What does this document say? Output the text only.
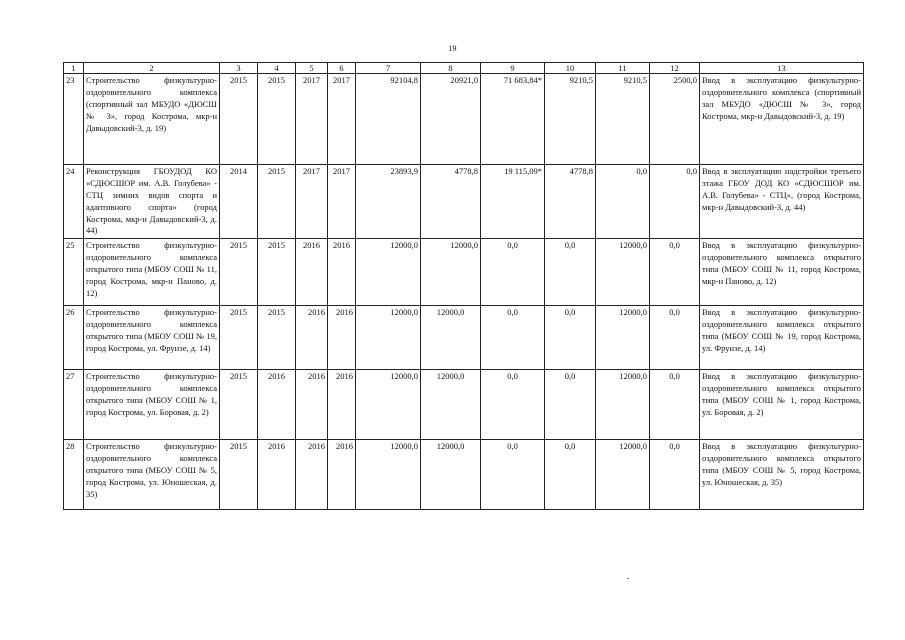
19
1	2	3	4	5	6	7	8	9	10	11	12	13
23	Строительство физкультурно-оздоровительного комплекса (спортивный зал МБУДО «ДЮСШ № 3», город Кострома, мкр-н Давыдовский-3, д. 19)	2015	2015	2017	2017	92104,8	20921,0	71 683,84*	9210,5	9210,5	2500,0	Ввод в эксплуатацию физкультурно-оздоровительного комплекса (спортивный зал МБУДО «ДЮСШ № 3», город Кострома, мкр-н Давыдовский-3, д. 19)
24	Реконструкция ГБОУДОД КО «СДЮСШОР им. А.В. Голубева» - СТЦ зимних видов спорта и адаптивного спорта» (город Кострома, мкр-н Давыдовский-3, д. 44)	2014	2015	2017	2017	23893,9	4778,8	19 115,09*	4778,8	0,0	0,0	Ввод в эксплуатацию надстройки третьего этажа ГБОУ ДОД КО «СДЮСШОР им. А.В. Голубева» - СТЦ», (город Кострома, мкр-н Давыдовский-3, д. 44)
25	Строительство физкультурно-оздоровительного комплекса открытого типа (МБОУ СОШ № 11, город Кострома, мкр-н Паново, д. 12)	2015	2015	2016	2016	12000,0	12000,0	0,0	0,0	12000,0	0,0	Ввод в эксплуатацию физкультурно-оздоровительного комплекса открытого типа (МБОУ СОШ № 11, город Кострома, мкр-н Паново, д. 12)
26	Строительство физкультурно-оздоровительного комплекса открытого типа (МБОУ СОШ № 19, город Кострома, ул. Фрунзе, д. 14)	2015	2015	2016	2016	12000,0	12000,0	0,0	0,0	12000,0	0,0	Ввод в эксплуатацию физкультурно-оздоровительного комплекса открытого типа (МБОУ СОШ № 19, город Кострома, ул. Фрунзе, д. 14)
27	Строительство физкультурно-оздоровительного комплекса открытого типа (МБОУ СОШ № 1, город Кострома, ул. Боровая, д. 2)	2015	2016	2016	2016	12000,0	12000,0	0,0	0,0	12000,0	0,0	Ввод в эксплуатацию физкультурно-оздоровительного комплекса открытого типа (МБОУ СОШ № 1, город Кострома, ул. Боровая, д. 2)
28	Строительство физкультурно-оздоровительного комплекса открытого типа (МБОУ СОШ № 5, город Кострома, ул. Юношеская, д. 35)	2015	2016	2016	2016	12000,0	12000,0	0,0	0,0	12000,0	0,0	Ввод в эксплуатацию физкультурно-оздоровительного комплекса открытого типа (МБОУ СОШ № 5, город Кострома, ул. Юношеская, д. 35)
